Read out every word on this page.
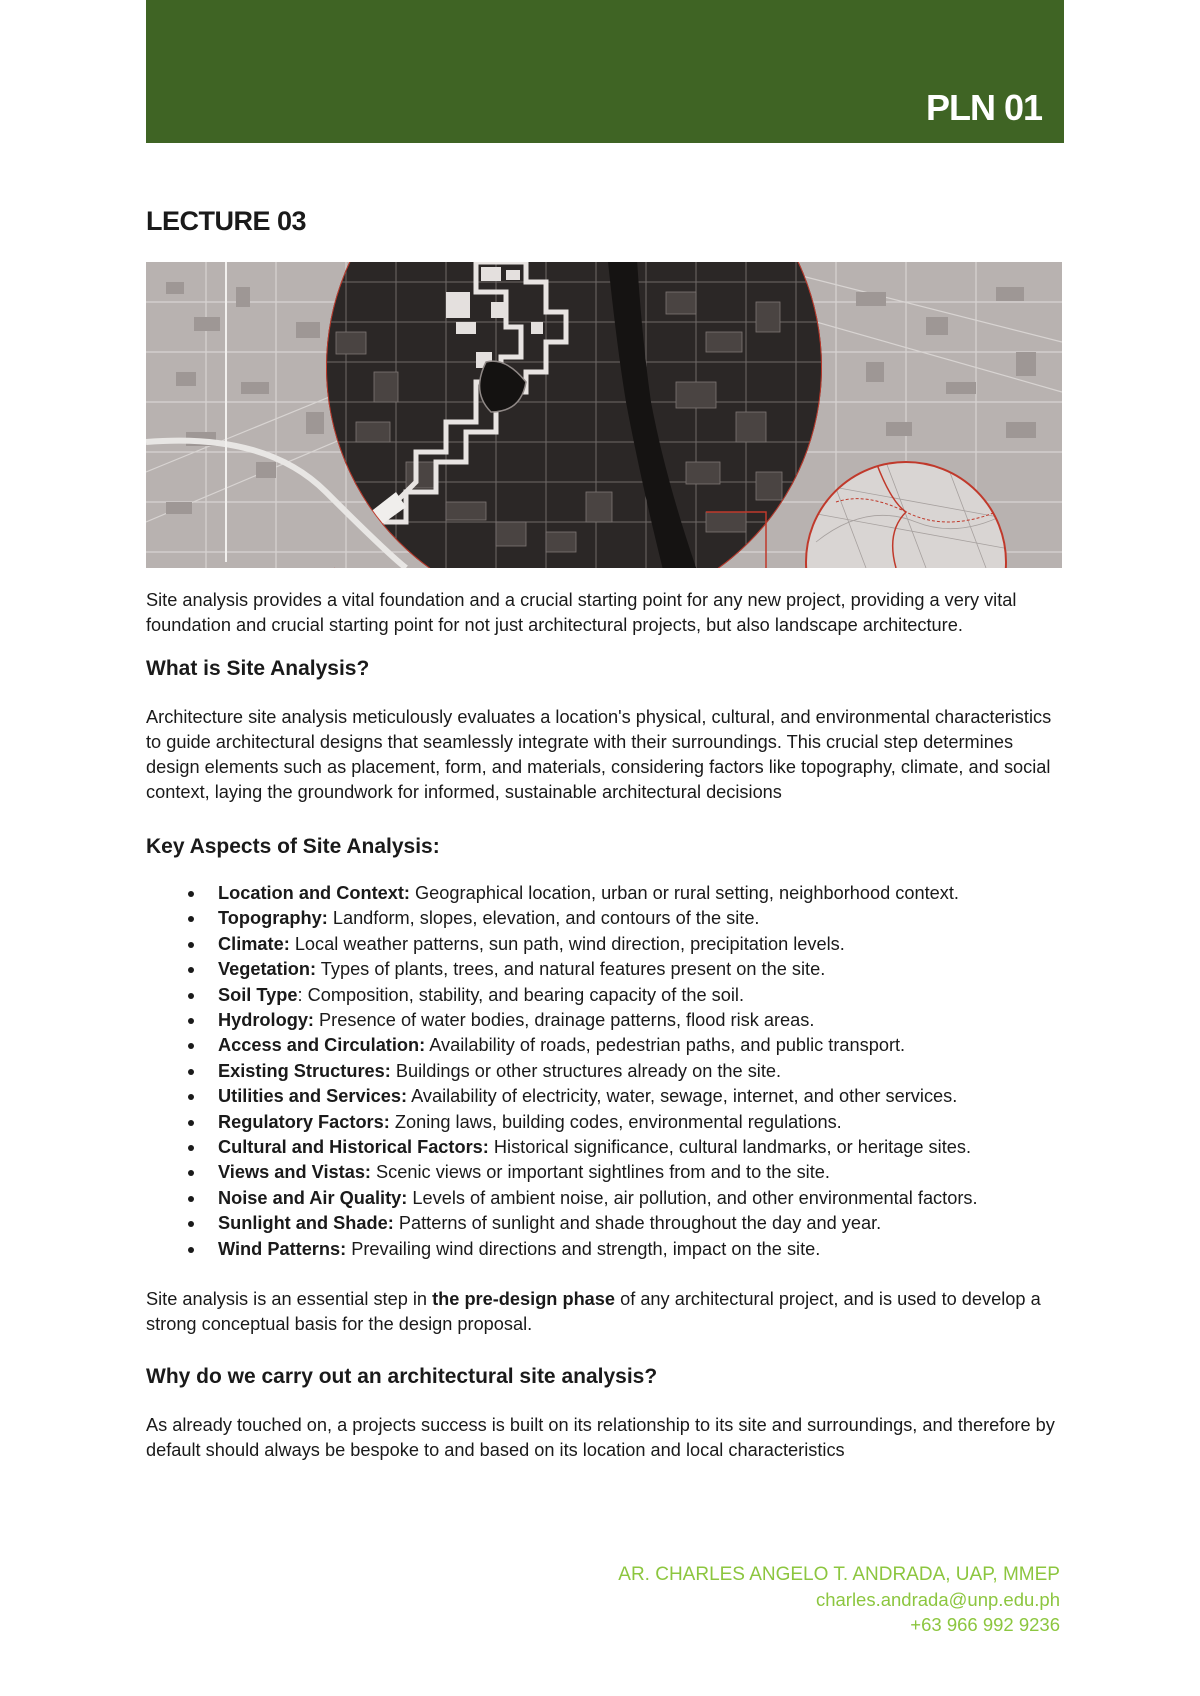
PLN 01
LECTURE 03

Site analysis provides a vital foundation and a crucial starting point for any new project, providing a very vital foundation and crucial starting point for not just architectural projects, but also landscape architecture.

What is Site Analysis?

Architecture site analysis meticulously evaluates a location's physical, cultural, and environmental characteristics to guide architectural designs that seamlessly integrate with their surroundings. This crucial step determines design elements such as placement, form, and materials, considering factors like topography, climate, and social context, laying the groundwork for informed, sustainable architectural decisions

Key Aspects of Site Analysis:
Location and Context: Geographical location, urban or rural setting, neighborhood context.
Topography: Landform, slopes, elevation, and contours of the site.
Climate: Local weather patterns, sun path, wind direction, precipitation levels.
Vegetation: Types of plants, trees, and natural features present on the site.
Soil Type: Composition, stability, and bearing capacity of the soil.
Hydrology: Presence of water bodies, drainage patterns, flood risk areas.
Access and Circulation: Availability of roads, pedestrian paths, and public transport.
Existing Structures: Buildings or other structures already on the site.
Utilities and Services: Availability of electricity, water, sewage, internet, and other services.
Regulatory Factors: Zoning laws, building codes, environmental regulations.
Cultural and Historical Factors: Historical significance, cultural landmarks, or heritage sites.
Views and Vistas: Scenic views or important sightlines from and to the site.
Noise and Air Quality: Levels of ambient noise, air pollution, and other environmental factors.
Sunlight and Shade: Patterns of sunlight and shade throughout the day and year.
Wind Patterns: Prevailing wind directions and strength, impact on the site.

Site analysis is an essential step in the pre-design phase of any architectural project, and is used to develop a strong conceptual basis for the design proposal.

Why do we carry out an architectural site analysis?

As already touched on, a projects success is built on its relationship to its site and surroundings, and therefore by default should always be bespoke to and based on its location and local characteristics

AR. CHARLES ANGELO T. ANDRADA, UAP, MMEP
charles.andrada@unp.edu.ph
+63 966 992 9236
